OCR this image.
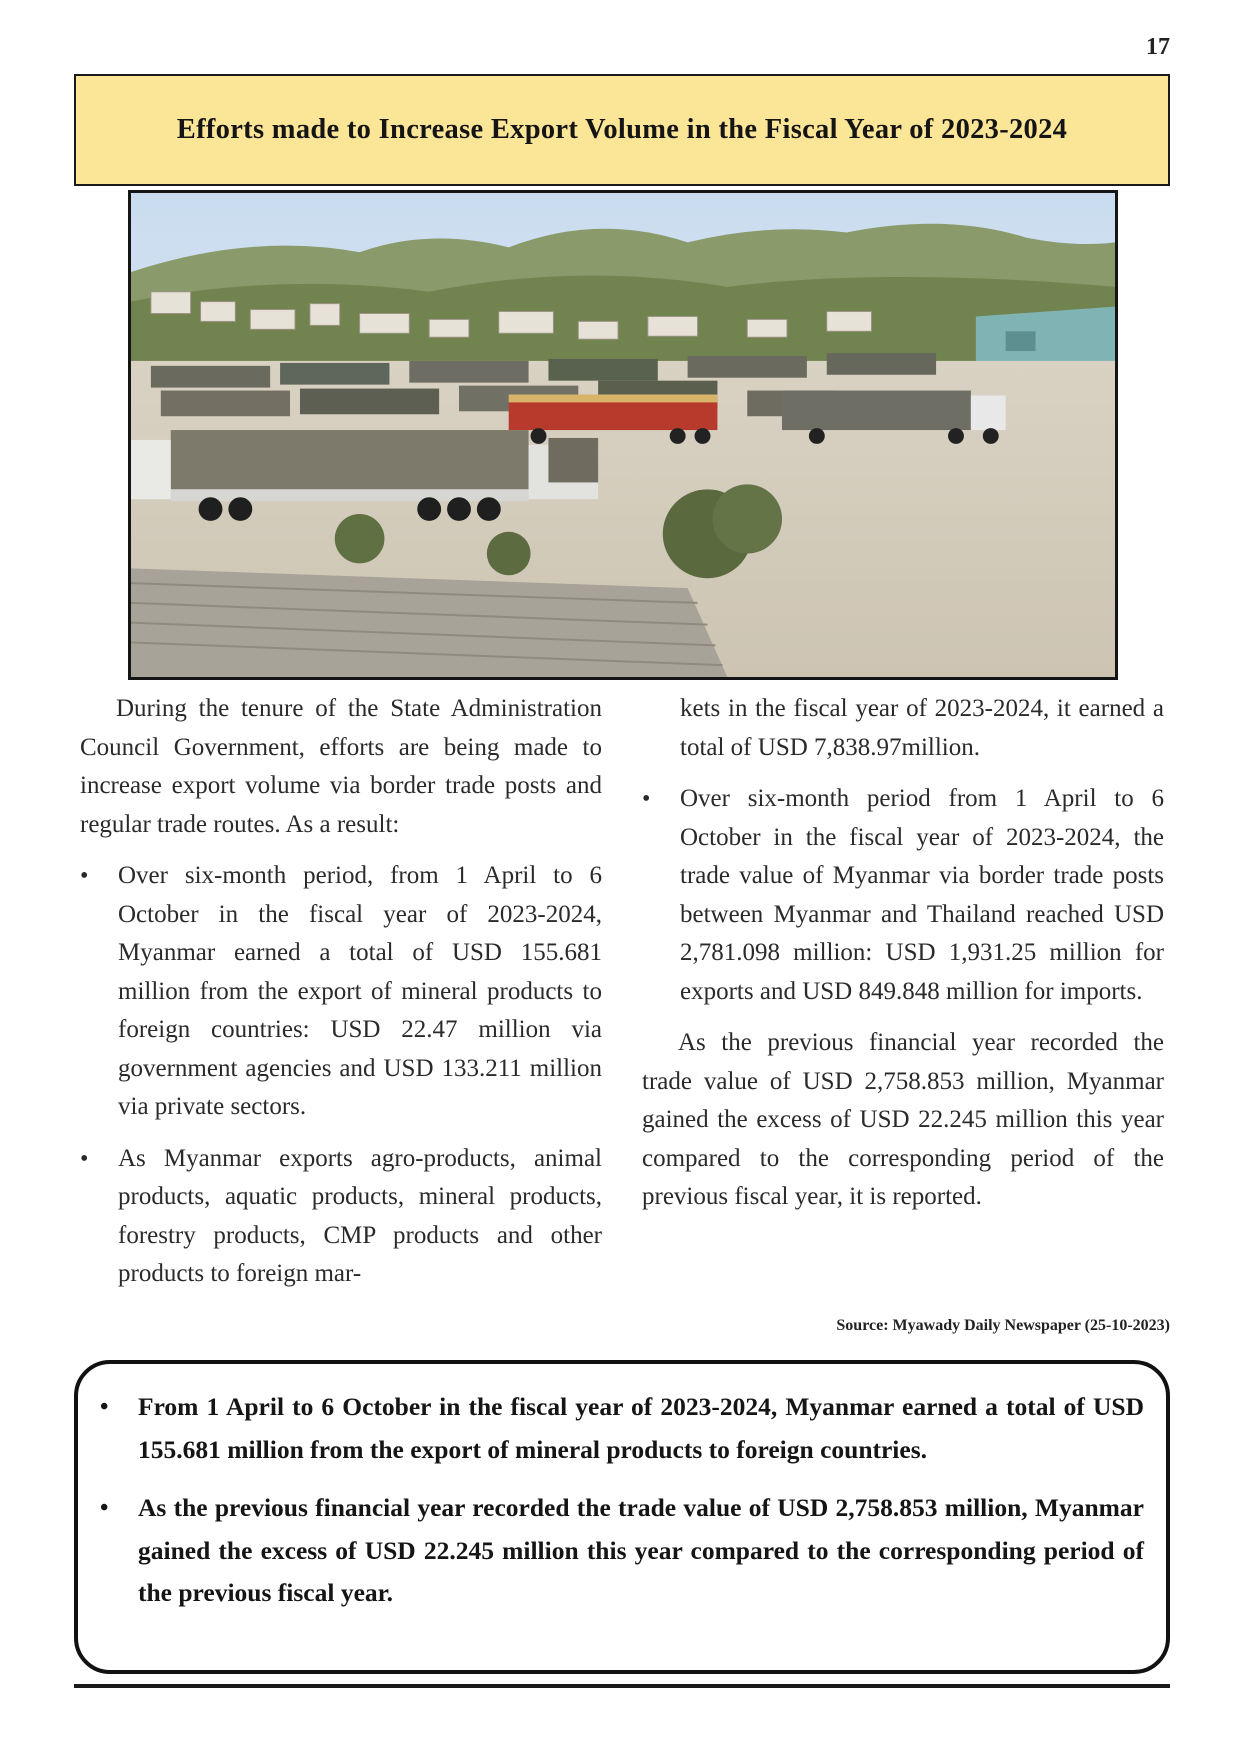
17
Efforts made to Increase Export Volume in the Fiscal Year of 2023-2024

During the tenure of the State Administration Council Government, efforts are being made to increase export volume via border trade posts and regular trade routes. As a result:

• Over six-month period, from 1 April to 6 October in the fiscal year of 2023-2024, Myanmar earned a total of USD 155.681 million from the export of mineral products to foreign countries: USD 22.47 million via government agencies and USD 133.211 million via private sectors.
• As Myanmar exports agro-products, animal products, aquatic products, mineral products, forestry products, CMP products and other products to foreign mar-

kets in the fiscal year of 2023-2024, it earned a total of USD 7,838.97million.

• Over six-month period from 1 April to 6 October in the fiscal year of 2023-2024, the trade value of Myanmar via border trade posts between Myanmar and Thailand reached USD 2,781.098 million: USD 1,931.25 million for exports and USD 849.848 million for imports.

As the previous financial year recorded the trade value of USD 2,758.853 million, Myanmar gained the excess of USD 22.245 million this year compared to the corresponding period of the previous fiscal year, it is reported.

Source: Myawady Daily Newspaper (25-10-2023)
• From 1 April to 6 October in the fiscal year of 2023-2024, Myanmar earned a total of USD 155.681 million from the export of mineral products to foreign countries.
• As the previous financial year recorded the trade value of USD 2,758.853 million, Myanmar gained the excess of USD 22.245 million this year compared to the corresponding period of the previous fiscal year.
